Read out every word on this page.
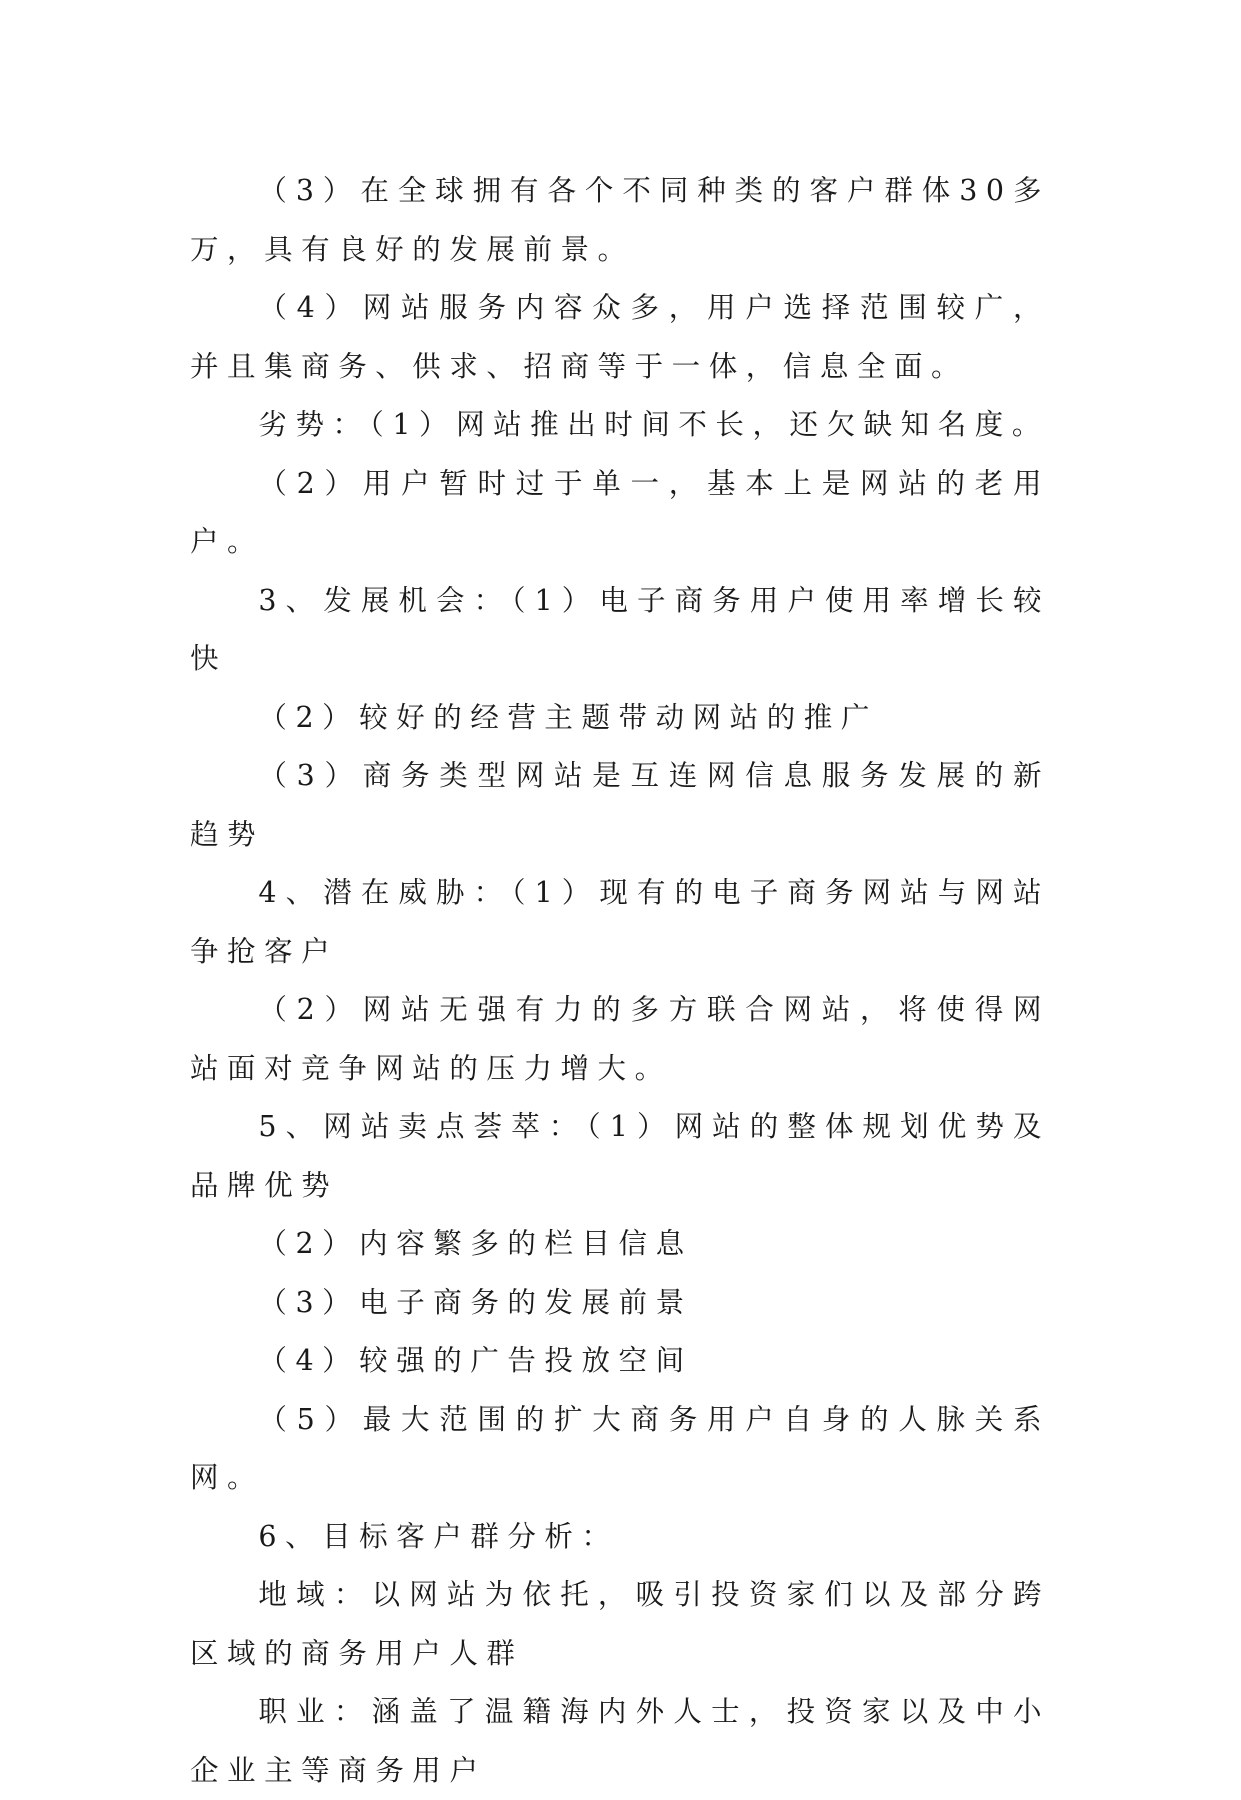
（3）在全球拥有各个不同种类的客户群体30多万，具有良好的发展前景。

（4）网站服务内容众多，用户选择范围较广，并且集商务、供求、招商等于一体，信息全面。

劣势：（1）网站推出时间不长，还欠缺知名度。

（2）用户暂时过于单一，基本上是网站的老用户。

3、发展机会：（1）电子商务用户使用率增长较快

（2）较好的经营主题带动网站的推广

（3）商务类型网站是互连网信息服务发展的新趋势

4、潜在威胁：（1）现有的电子商务网站与网站争抢客户

（2）网站无强有力的多方联合网站，将使得网站面对竞争网站的压力增大。

5、网站卖点荟萃：（1）网站的整体规划优势及品牌优势

（2）内容繁多的栏目信息

（3）电子商务的发展前景

（4）较强的广告投放空间

（5）最大范围的扩大商务用户自身的人脉关系网。

6、目标客户群分析：

地域：以网站为依托，吸引投资家们以及部分跨区域的商务用户人群

职业：涵盖了温籍海内外人士，投资家以及中小企业主等商务用户
